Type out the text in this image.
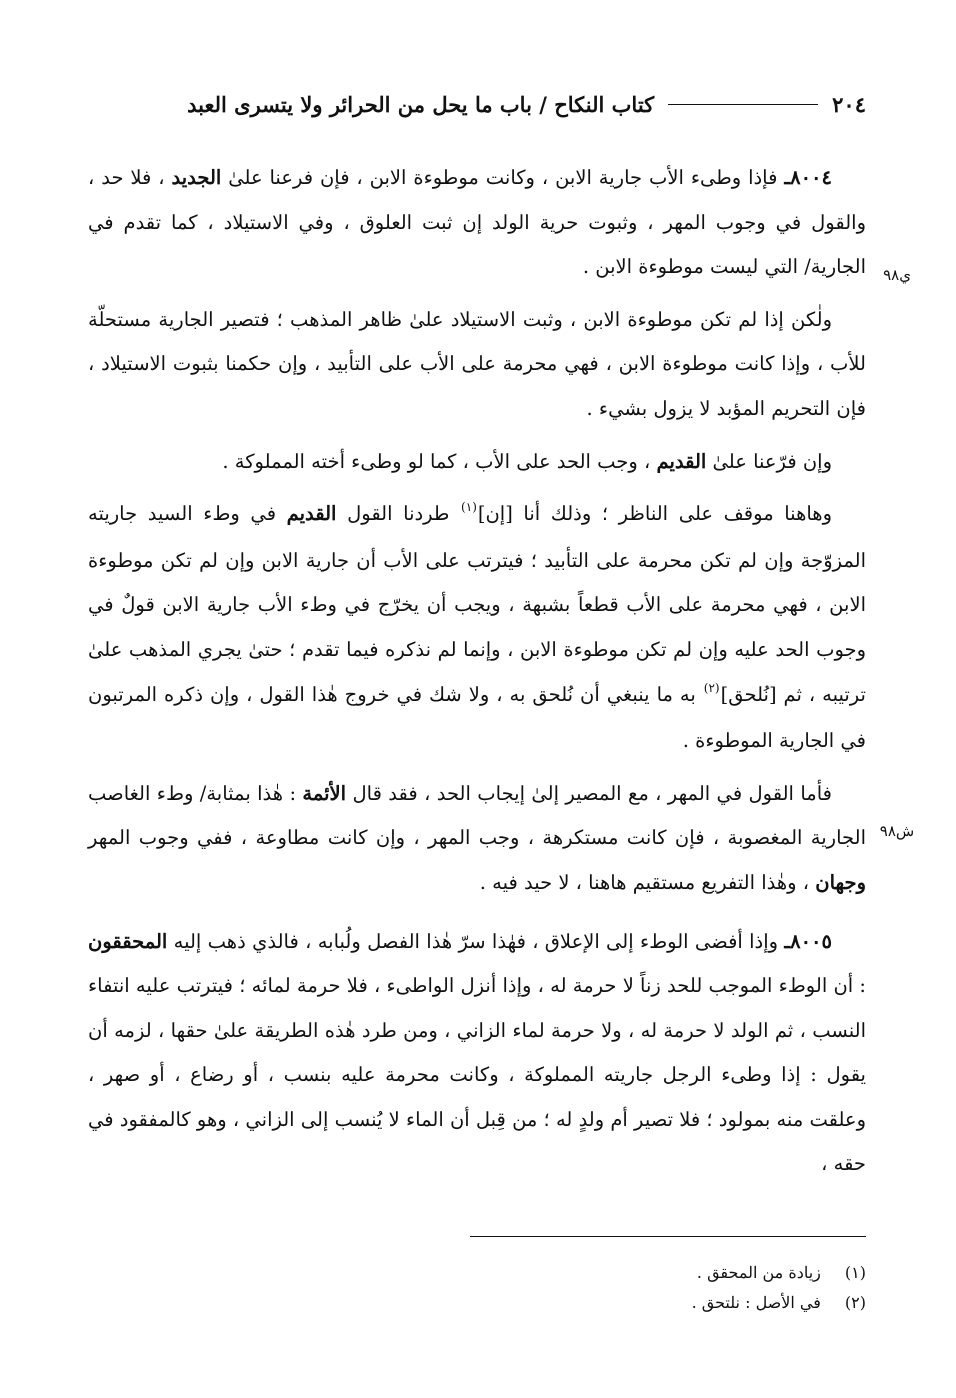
٢٠٤
كتاب النكاح / باب ما يحل من الحرائر ولا يتسرى العبد
ي٩٨
ش٩٨

٨٠٠٤ـ فإذا وطىء الأب جارية الابن ، وكانت موطوءة الابن ، فإن فرعنا علىٰ الجديد ، فلا حد ، والقول في وجوب المهر ، وثبوت حرية الولد إن ثبت العلوق ، وفي الاستيلاد ، كما تقدم في الجارية/ التي ليست موطوءة الابن .

ولٰكن إذا لم تكن موطوءة الابن ، وثبت الاستيلاد علىٰ ظاهر المذهب ؛ فتصير الجارية مستحلّة للأب ، وإذا كانت موطوءة الابن ، فهي محرمة على الأب على التأبيد ، وإن حكمنا بثبوت الاستيلاد ، فإن التحريم المؤبد لا يزول بشيء .

وإن فرّعنا علىٰ القديم ، وجب الحد على الأب ، كما لو وطىء أخته المملوكة .

وهاهنا موقف على الناظر ؛ وذلك أنا [إن]$^{(١)}$ طردنا القول القديم في وطء السيد جاريته المزوّجة وإن لم تكن محرمة على التأبيد ؛ فيترتب على الأب أن جارية الابن وإن لم تكن موطوءة الابن ، فهي محرمة على الأب قطعاً بشبهة ، ويجب أن يخرّج في وطء الأب جارية الابن قولٌ في وجوب الحد عليه وإن لم تكن موطوءة الابن ، وإنما لم نذكره فيما تقدم ؛ حتىٰ يجري المذهب علىٰ ترتيبه ، ثم [نُلحق]$^{(٢)}$ به ما ينبغي أن نُلحق به ، ولا شك في خروج هٰذا القول ، وإن ذكره المرتبون في الجارية الموطوءة .

فأما القول في المهر ، مع المصير إلىٰ إيجاب الحد ، فقد قال الأئمة : هٰذا بمثابة/ وطء الغاصب الجارية المغصوبة ، فإن كانت مستكرهة ، وجب المهر ، وإن كانت مطاوعة ، ففي وجوب المهر وجهان ، وهٰذا التفريع مستقيم هاهنا ، لا حيد فيه .

٨٠٠٥ـ وإذا أفضى الوطء إلى الإعلاق ، فهٰذا سرّ هٰذا الفصل ولُبابه ، فالذي ذهب إليه المحققون : أن الوطء الموجب للحد زناً لا حرمة له ، وإذا أنزل الواطىء ، فلا حرمة لمائه ؛ فيترتب عليه انتفاء النسب ، ثم الولد لا حرمة له ، ولا حرمة لماء الزاني ، ومن طرد هٰذه الطريقة علىٰ حقها ، لزمه أن يقول : إذا وطىء الرجل جاريته المملوكة ، وكانت محرمة عليه بنسب ، أو رضاع ، أو صهر ، وعلقت منه بمولود ؛ فلا تصير أم ولدٍ له ؛ من قِبل أن الماء لا يُنسب إلى الزاني ، وهو كالمفقود في حقه ،

(١) زيادة من المحقق .
(٢) في الأصل : نلتحق .
